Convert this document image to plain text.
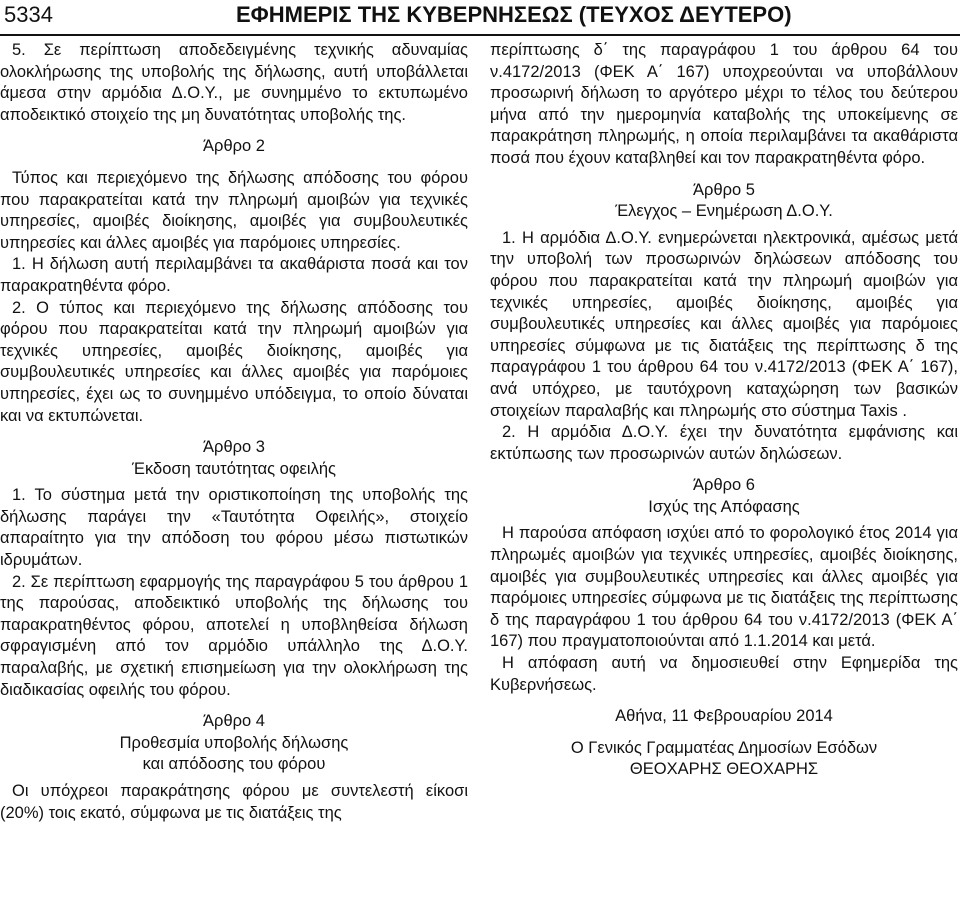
5334	ΕΦΗΜΕΡΙΣ ΤΗΣ ΚΥΒΕΡΝΗΣΕΩΣ (ΤΕΥΧΟΣ ΔΕΥΤΕΡΟ)

5. Σε περίπτωση αποδεδειγμένης τεχνικής αδυναμίας ολοκλήρωσης της υποβολής της δήλωσης, αυτή υποβάλλεται άμεσα στην αρμόδια Δ.Ο.Υ., με συνημμένο το εκτυπωμένο αποδεικτικό στοιχείο της μη δυνατότητας υποβολής της.

Άρθρο 2

Τύπος και περιεχόμενο της δήλωσης απόδοσης του φόρου που παρακρατείται κατά την πληρωμή αμοιβών για τεχνικές υπηρεσίες, αμοιβές διοίκησης, αμοιβές για συμβουλευτικές υπηρεσίες και άλλες αμοιβές για παρόμοιες υπηρεσίες.

1. Η δήλωση αυτή περιλαμβάνει τα ακαθάριστα ποσά και τον παρακρατηθέντα φόρο.

2. Ο τύπος και περιεχόμενο της δήλωσης απόδοσης του φόρου που παρακρατείται κατά την πληρωμή αμοιβών για τεχνικές υπηρεσίες, αμοιβές διοίκησης, αμοιβές για συμβουλευτικές υπηρεσίες και άλλες αμοιβές για παρόμοιες υπηρεσίες, έχει ως το συνημμένο υπόδειγμα, το οποίο δύναται και να εκτυπώνεται.

Άρθρο 3

Έκδοση ταυτότητας οφειλής

1. Το σύστημα μετά την οριστικοποίηση της υποβολής της δήλωσης παράγει την «Ταυτότητα Οφειλής», στοιχείο απαραίτητο για την απόδοση του φόρου μέσω πιστωτικών ιδρυμάτων.

2. Σε περίπτωση εφαρμογής της παραγράφου 5 του άρθρου 1 της παρούσας, αποδεικτικό υποβολής της δήλωσης του παρακρατηθέντος φόρου, αποτελεί η υποβληθείσα δήλωση σφραγισμένη από τον αρμόδιο υπάλληλο της Δ.Ο.Υ. παραλαβής, με σχετική επισημείωση για την ολοκλήρωση της διαδικασίας οφειλής του φόρου.

Άρθρο 4

Προθεσμία υποβολής δήλωσης

και απόδοσης του φόρου

Οι υπόχρεοι παρακράτησης φόρου με συντελεστή είκοσι (20%) τοις εκατό, σύμφωνα με τις διατάξεις της

περίπτωσης δ΄ της παραγράφου 1 του άρθρου 64 του ν.4172/2013 (ΦΕΚ Α΄ 167) υποχρεούνται να υποβάλλουν προσωρινή δήλωση το αργότερο μέχρι το τέλος του δεύτερου μήνα από την ημερομηνία καταβολής της υποκείμενης σε παρακράτηση πληρωμής, η οποία περιλαμβάνει τα ακαθάριστα ποσά που έχουν καταβληθεί και τον παρακρατηθέντα φόρο.

Άρθρο 5

Έλεγχος – Ενημέρωση Δ.Ο.Υ.

1. Η αρμόδια Δ.Ο.Υ. ενημερώνεται ηλεκτρονικά, αμέσως μετά την υποβολή των προσωρινών δηλώσεων απόδοσης του φόρου που παρακρατείται κατά την πληρωμή αμοιβών για τεχνικές υπηρεσίες, αμοιβές διοίκησης, αμοιβές για συμβουλευτικές υπηρεσίες και άλλες αμοιβές για παρόμοιες υπηρεσίες σύμφωνα με τις διατάξεις της περίπτωσης δ της παραγράφου 1 του άρθρου 64 του ν.4172/2013 (ΦΕΚ Α΄ 167), ανά υπόχρεο, με ταυτόχρονη καταχώρηση των βασικών στοιχείων παραλαβής και πληρωμής στο σύστημα Taxis .

2. Η αρμόδια Δ.Ο.Υ. έχει την δυνατότητα εμφάνισης και εκτύπωσης των προσωρινών αυτών δηλώσεων.

Άρθρο 6

Ισχύς της Απόφασης

Η παρούσα απόφαση ισχύει από το φορολογικό έτος 2014 για πληρωμές αμοιβών για τεχνικές υπηρεσίες, αμοιβές διοίκησης, αμοιβές για συμβουλευτικές υπηρεσίες και άλλες αμοιβές για παρόμοιες υπηρεσίες σύμφωνα με τις διατάξεις της περίπτωσης δ της παραγράφου 1 του άρθρου 64 του ν.4172/2013 (ΦΕΚ Α΄ 167) που πραγματοποιούνται από 1.1.2014 και μετά.

Η απόφαση αυτή να δημοσιευθεί στην Εφημερίδα της Κυβερνήσεως.

Αθήνα, 11 Φεβρουαρίου 2014

Ο Γενικός Γραμματέας Δημοσίων Εσόδων

ΘΕΟΧΑΡΗΣ ΘΕΟΧΑΡΗΣ
